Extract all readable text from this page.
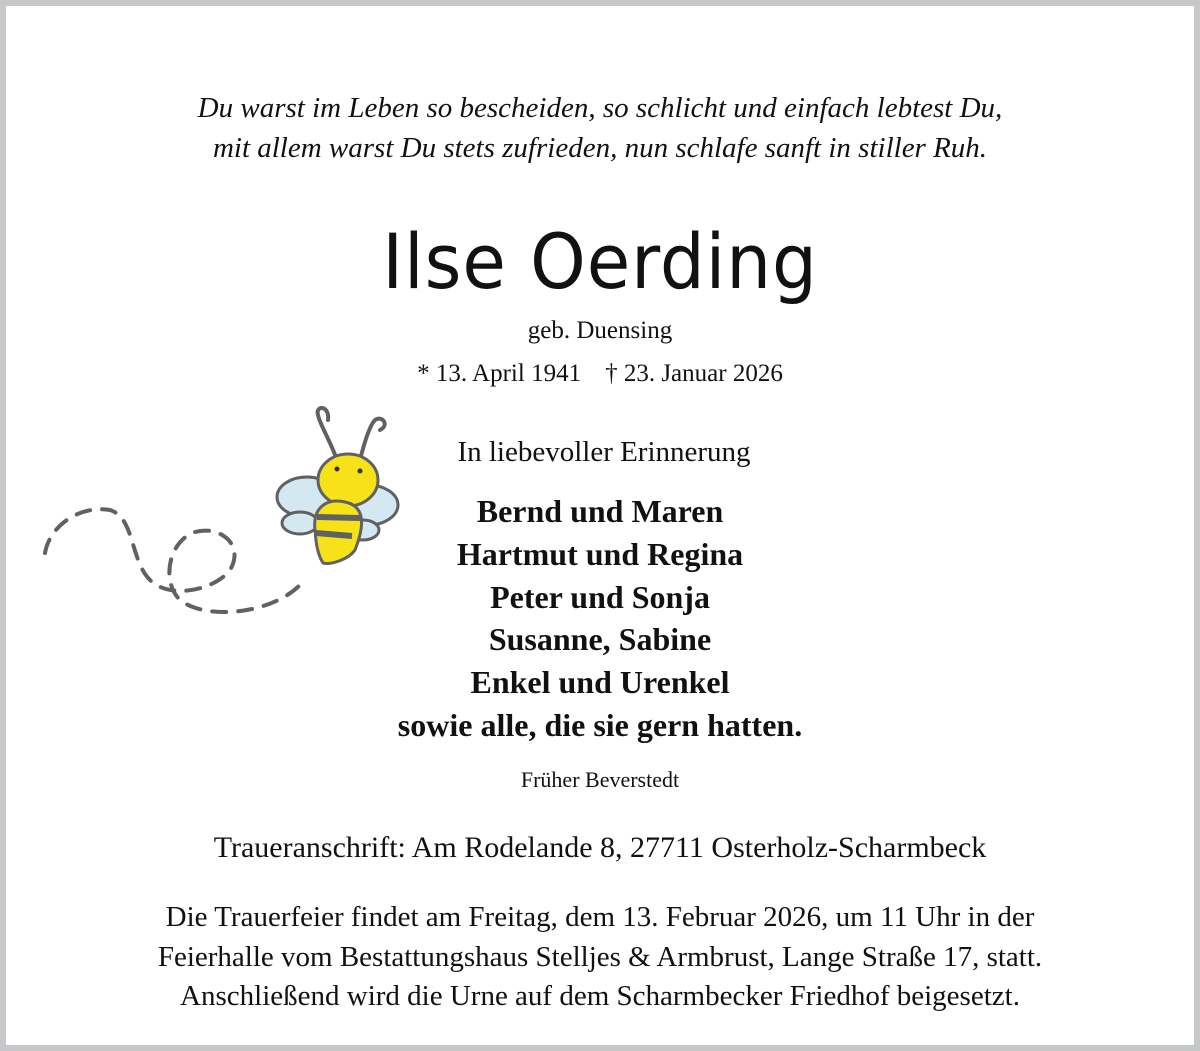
Du warst im Leben so bescheiden, so schlicht und einfach lebtest Du,
mit allem warst Du stets zufrieden, nun schlafe sanft in stiller Ruh.
Ilse Oerding
geb. Duensing
* 13. April 1941 † 23. Januar 2026
In liebevoller Erinnerung
Bernd und Maren
Hartmut und Regina
Peter und Sonja
Susanne, Sabine
Enkel und Urenkel
sowie alle, die sie gern hatten.
Früher Beverstedt
Traueranschrift: Am Rodelande 8, 27711 Osterholz-Scharmbeck
Die Trauerfeier findet am Freitag, dem 13. Februar 2026, um 11 Uhr in der
Feierhalle vom Bestattungshaus Stelljes & Armbrust, Lange Straße 17, statt.
Anschließend wird die Urne auf dem Scharmbecker Friedhof beigesetzt.
